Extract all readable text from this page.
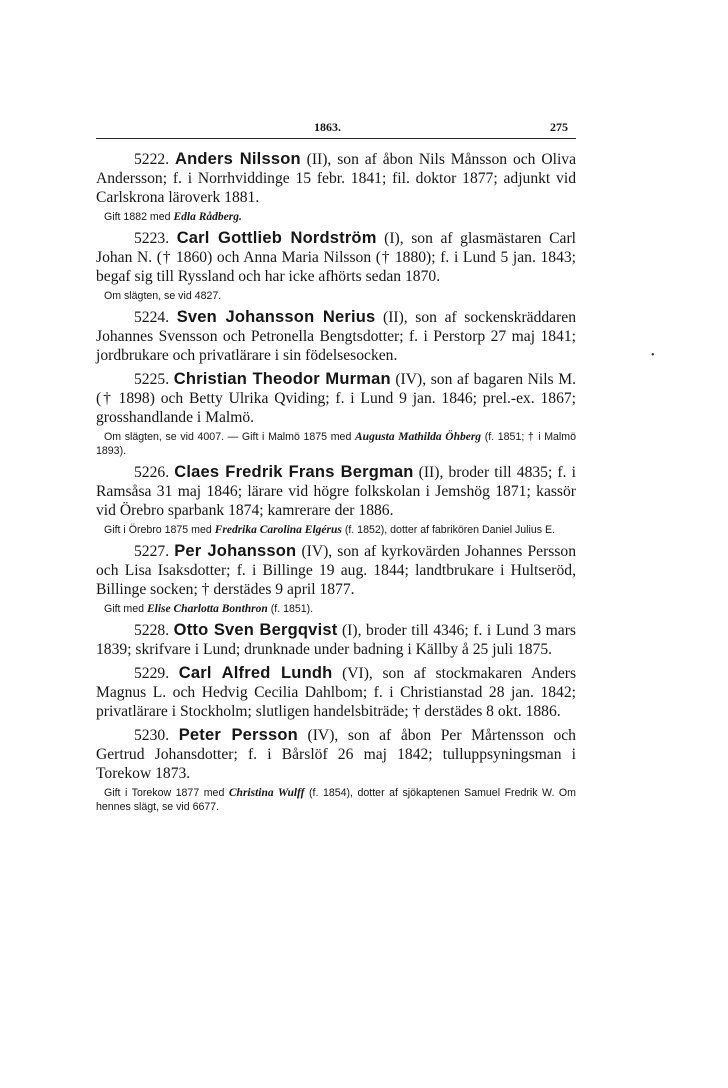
1863.	275
•

5222. Anders Nilsson (II), son af åbon Nils Månsson och Oliva Andersson; f. i Norrhviddinge 15 febr. 1841; fil. doktor 1877; adjunkt vid Carlskrona läroverk 1881.

Gift 1882 med Edla Rådberg.

5223. Carl Gottlieb Nordström (I), son af glasmästaren Carl Johan N. († 1860) och Anna Maria Nilsson († 1880); f. i Lund 5 jan. 1843; begaf sig till Ryssland och har icke afhörts sedan 1870.

Om slägten, se vid 4827.

5224. Sven Johansson Nerius (II), son af sockenskräddaren Johannes Svensson och Petronella Bengtsdotter; f. i Perstorp 27 maj 1841; jordbrukare och privatlärare i sin födelsesocken.

5225. Christian Theodor Murman (IV), son af bagaren Nils M. († 1898) och Betty Ulrika Qviding; f. i Lund 9 jan. 1846; prel.-ex. 1867; grosshandlande i Malmö.

Om slägten, se vid 4007. — Gift i Malmö 1875 med Augusta Mathilda Öhberg (f. 1851; † i Malmö 1893).

5226. Claes Fredrik Frans Bergman (II), broder till 4835; f. i Ramsåsa 31 maj 1846; lärare vid högre folkskolan i Jemshög 1871; kassör vid Örebro sparbank 1874; kamrerare der 1886.

Gift i Örebro 1875 med Fredrika Carolina Elgérus (f. 1852), dotter af fabrikören Daniel Julius E.

5227. Per Johansson (IV), son af kyrkovärden Johannes Persson och Lisa Isaksdotter; f. i Billinge 19 aug. 1844; landtbrukare i Hultseröd, Billinge socken; † derstädes 9 april 1877.

Gift med Elise Charlotta Bonthron (f. 1851).

5228. Otto Sven Bergqvist (I), broder till 4346; f. i Lund 3 mars 1839; skrifvare i Lund; drunknade under badning i Källby å 25 juli 1875.

5229. Carl Alfred Lundh (VI), son af stockmakaren Anders Magnus L. och Hedvig Cecilia Dahlbom; f. i Christianstad 28 jan. 1842; privatlärare i Stockholm; slutligen handelsbiträde; † derstädes 8 okt. 1886.

5230. Peter Persson (IV), son af åbon Per Mårtensson och Gertrud Johansdotter; f. i Bårslöf 26 maj 1842; tulluppsyningsman i Torekow 1873.

Gift i Torekow 1877 med Christina Wulff (f. 1854), dotter af sjökaptenen Samuel Fredrik W. Om hennes slägt, se vid 6677.
